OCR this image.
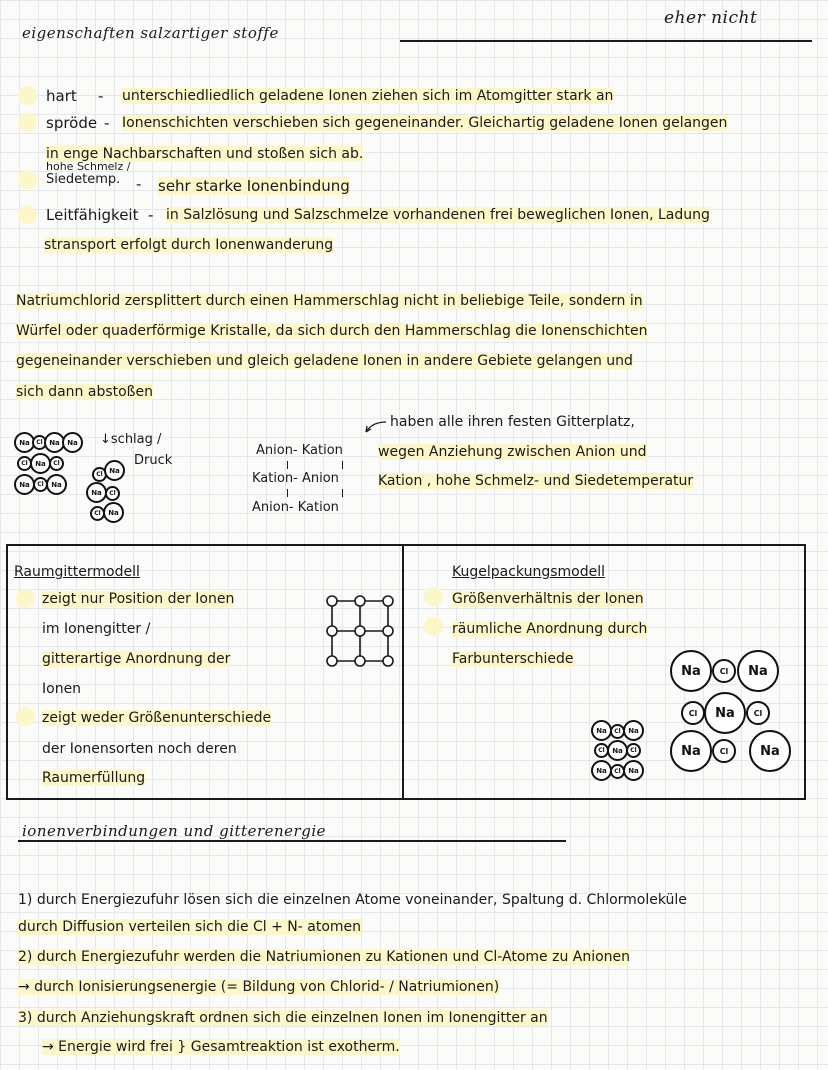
eigenschaften salzartiger stoffe
eher nicht
hart - unterschiedliedlich geladene Ionen ziehen sich im Atomgitter stark an
spröde - Ionenschichten verschieben sich gegeneinander. Gleichartig geladene Ionen gelangen
in enge Nachbarschaften und stoßen sich ab.
hohe Schmelz /
Siedetemp. - sehr starke Ionenbindung
Leitfähigkeit - in Salzlösung und Salzschmelze vorhandenen frei beweglichen Ionen, Ladung
stransport erfolgt durch Ionenwanderung
Natriumchlorid zersplittert durch einen Hammerschlag nicht in beliebige Teile, sondern in
Würfel oder quaderförmige Kristalle, da sich durch den Hammerschlag die Ionenschichten
gegeneinander verschieben und gleich geladene Ionen in andere Gebiete gelangen und
sich dann abstoßen
Na Cl Na Na
Cl Na Cl
Na Cl Na
Cl Na
Na Cl
Cl Na
↓schlag /
Druck
Anion- Kation
Kation- Anion
Anion- Kation
haben alle ihren festen Gitterplatz,
wegen Anziehung zwischen Anion und
Kation , hohe Schmelz- und Siedetemperatur
Raumgittermodell
zeigt nur Position der Ionen
im Ionengitter /
gitterartige Anordnung der
Ionen
zeigt weder Größenunterschiede
der Ionensorten noch deren
Raumerfüllung
Kugelpackungsmodell
Größenverhältnis der Ionen
räumliche Anordnung durch
Farbunterschiede
Na Cl Na
Cl Na Cl
Na Cl Na
Na Cl Na
Cl Na Cl
Na Cl Na
ionenverbindungen und gitterenergie
1) durch Energiezufuhr lösen sich die einzelnen Atome voneinander, Spaltung d. Chlormoleküle
durch Diffusion verteilen sich die Cl + N- atomen
2) durch Energiezufuhr werden die Natriumionen zu Kationen und Cl-Atome zu Anionen
→ durch Ionisierungsenergie (= Bildung von Chlorid- / Natriumionen)
3) durch Anziehungskraft ordnen sich die einzelnen Ionen im Ionengitter an
→ Energie wird frei } Gesamtreaktion ist exotherm.
